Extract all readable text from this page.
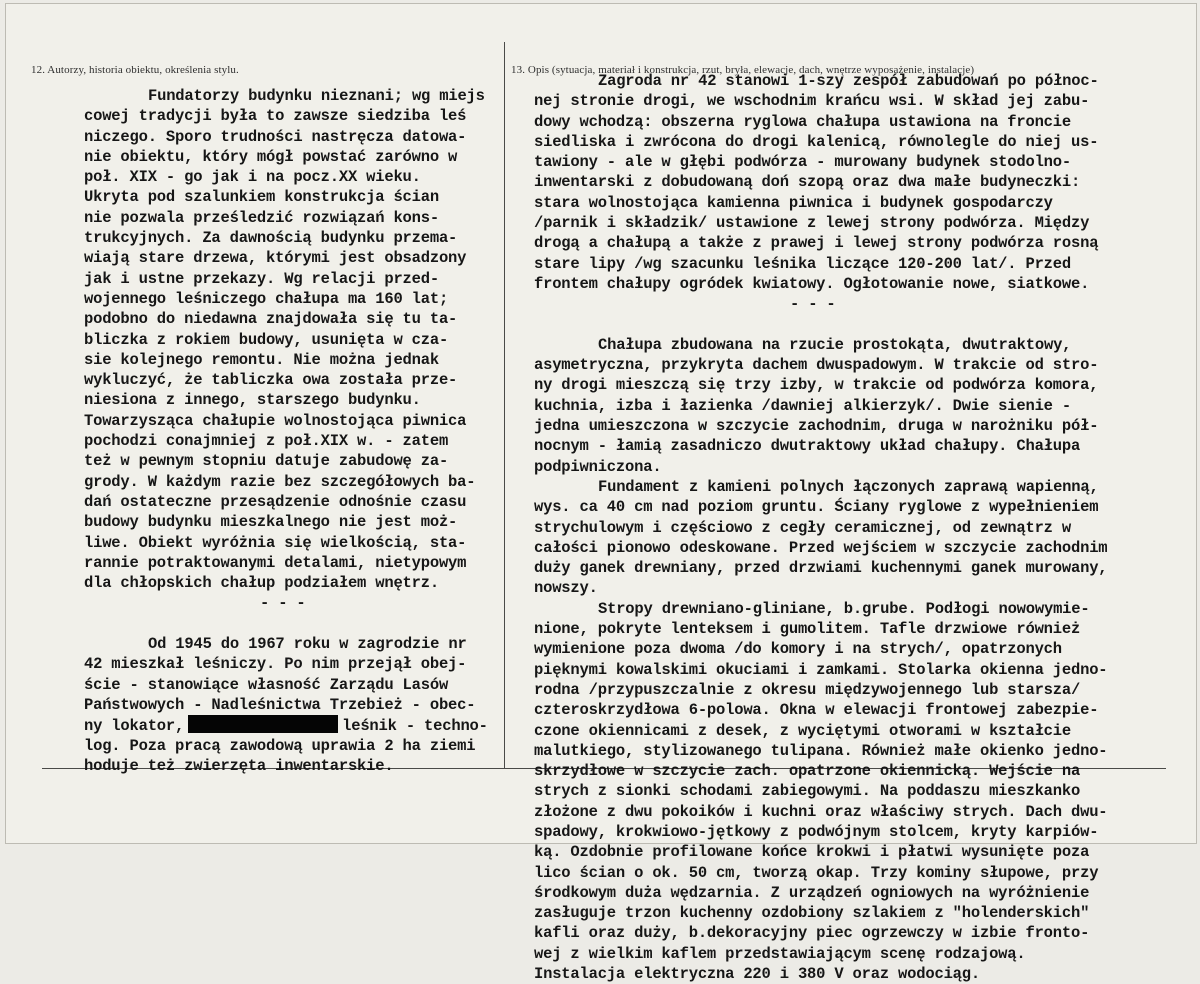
12. Autorzy, historia obiektu, określenia stylu.	13. Opis (sytuacja, materiał i konstrukcja, rzut, bryła, elewacje, dach, wnętrze wyposażenie, instalacje)
Fundatorzy budynku nieznani; wg miejs
cowej tradycji była to zawsze siedziba leś
niczego. Sporo trudności nastręcza datowa-
nie obiektu, który mógł powstać zarówno w
poł. XIX - go jak i na pocz.XX wieku.
Ukryta pod szalunkiem konstrukcja ścian
nie pozwala prześledzić rozwiązań kons-
trukcyjnych. Za dawnością budynku przema-
wiają stare drzewa, którymi jest obsadzony
jak i ustne przekazy. Wg relacji przed-
wojennego leśniczego chałupa ma 160 lat;
podobno do niedawna znajdowała się tu ta-
bliczka z rokiem budowy, usunięta w cza-
sie kolejnego remontu. Nie można jednak
wykluczyć, że tabliczka owa została prze-
niesiona z innego, starszego budynku.
Towarzysząca chałupie wolnostojąca piwnica
pochodzi conajmniej z poł.XIX w. - zatem
też w pewnym stopniu datuje zabudowę za-
grody. W każdym razie bez szczegółowych ba-
dań ostateczne przesądzenie odnośnie czasu
budowy budynku mieszkalnego nie jest moż-
liwe. Obiekt wyróżnia się wielkością, sta-
rannie potraktowanymi detalami, nietypowym
dla chłopskich chałup podziałem wnętrz.
- - -
Od 1945 do 1967 roku w zagrodzie nr
42 mieszkał leśniczy. Po nim przejął obej-
ście - stanowiące własność Zarządu Lasów
Państwowych - Nadleśnictwa Trzebież - obec-
ny lokator,	leśnik - techno-
log. Poza pracą zawodową uprawia 2 ha ziemi
hoduje też zwierzęta inwentarskie.
Zagroda nr 42 stanowi 1-szy zespół zabudowań po północ-
nej stronie drogi, we wschodnim krańcu wsi. W skład jej zabu-
dowy wchodzą: obszerna ryglowa chałupa ustawiona na froncie
siedliska i zwrócona do drogi kalenicą, równolegle do niej us-
tawiony - ale w głębi podwórza - murowany budynek stodolno-
inwentarski z dobudowaną doń szopą oraz dwa małe budyneczki:
stara wolnostojąca kamienna piwnica i budynek gospodarczy
/parnik i składzik/ ustawione z lewej strony podwórza. Między
drogą a chałupą a także z prawej i lewej strony podwórza rosną
stare lipy /wg szacunku leśnika liczące 120-200 lat/. Przed
frontem chałupy ogródek kwiatowy. Ogłotowanie nowe, siatkowe.
- - -
Chałupa zbudowana na rzucie prostokąta, dwutraktowy,
asymetryczna, przykryta dachem dwuspadowym. W trakcie od stro-
ny drogi mieszczą się trzy izby, w trakcie od podwórza komora,
kuchnia, izba i łazienka /dawniej alkierzyk/. Dwie sienie -
jedna umieszczona w szczycie zachodnim, druga w narożniku pół-
nocnym - łamią zasadniczo dwutraktowy układ chałupy. Chałupa
podpiwniczona.
Fundament z kamieni polnych łączonych zaprawą wapienną,
wys. ca 40 cm nad poziom gruntu. Ściany ryglowe z wypełnieniem
strychulowym i częściowo z cegły ceramicznej, od zewnątrz w
całości pionowo odeskowane. Przed wejściem w szczycie zachodnim
duży ganek drewniany, przed drzwiami kuchennymi ganek murowany,
nowszy.
Stropy drewniano-gliniane, b.grube. Podłogi nowowymie-
nione, pokryte lenteksem i gumolitem. Tafle drzwiowe również
wymienione poza dwoma /do komory i na strych/, opatrzonych
pięknymi kowalskimi okuciami i zamkami. Stolarka okienna jedno-
rodna /przypuszczalnie z okresu międzywojennego lub starsza/
czteroskrzydłowa 6-polowa. Okna w elewacji frontowej zabezpie-
czone okiennicami z desek, z wyciętymi otworami w kształcie
malutkiego, stylizowanego tulipana. Również małe okienko jedno-
skrzydłowe w szczycie zach. opatrzone okiennicką. Wejście na
strych z sionki schodami zabiegowymi. Na poddaszu mieszkanko
złożone z dwu pokoików i kuchni oraz właściwy strych. Dach dwu-
spadowy, krokwiowo-jętkowy z podwójnym stolcem, kryty karpiów-
ką. Ozdobnie profilowane końce krokwi i płatwi wysunięte poza
lico ścian o ok. 50 cm, tworzą okap. Trzy kominy słupowe, przy
środkowym duża wędzarnia. Z urządzeń ogniowych na wyróżnienie
zasługuje trzon kuchenny ozdobiony szlakiem z "holenderskich"
kafli oraz duży, b.dekoracyjny piec ogrzewczy w izbie fronto-
wej z wielkim kaflem przedstawiającym scenę rodzajową.
Instalacja elektryczna 220 i 380 V oraz wodociąg.
